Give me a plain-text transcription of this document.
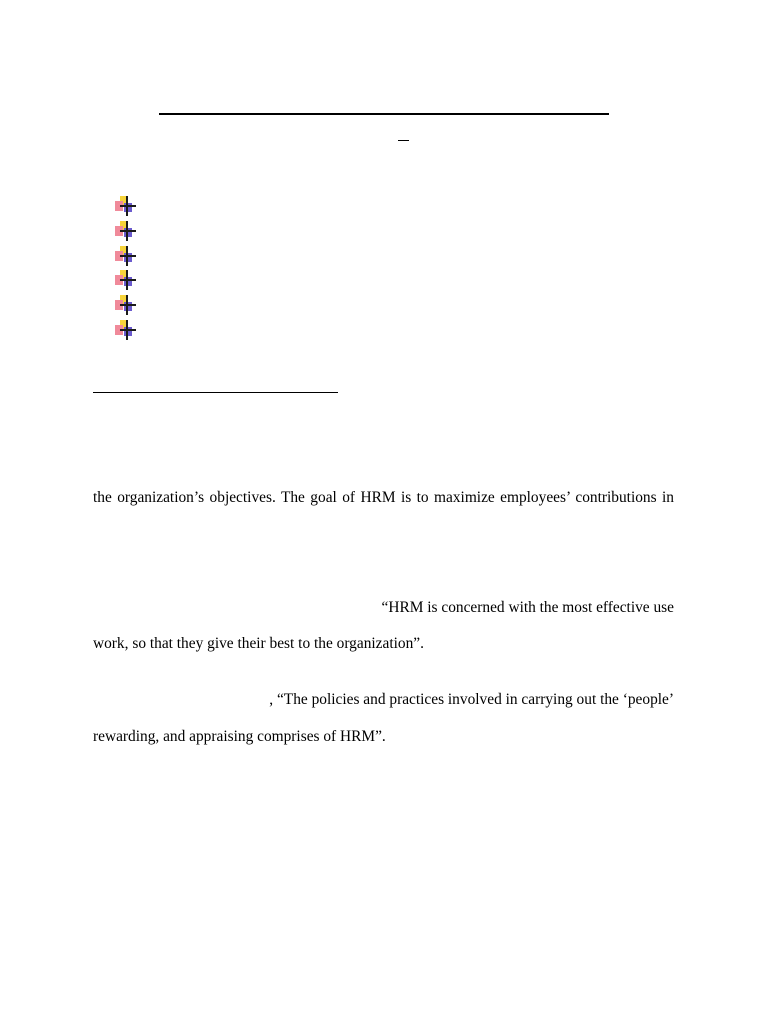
the organization’s objectives. The goal of HRM is to maximize employees’ contributions in
“HRM is concerned with the most effective use
work, so that they give their best to the organization”.
, “The policies and practices involved in carrying out the ‘people’
rewarding, and appraising comprises of HRM”.
